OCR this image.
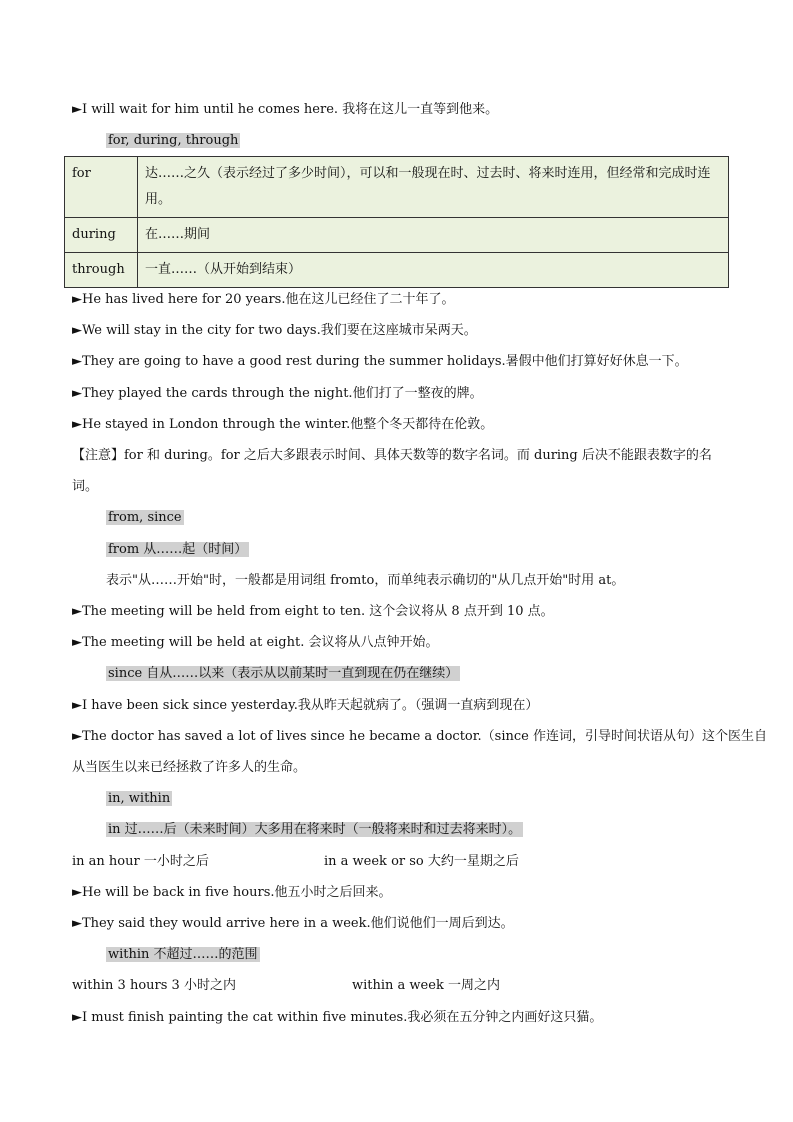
►I will wait for him until he comes here. 我将在这儿一直等到他来。
for, during, through
for	达……之久（表示经过了多少时间），可以和一般现在时、过去时、将来时连用，但经常和完成时连用。
during	在……期间
through	一直……（从开始到结束）
►He has lived here for 20 years.他在这儿已经住了二十年了。
►We will stay in the city for two days.我们要在这座城市呆两天。
►They are going to have a good rest during the summer holidays.暑假中他们打算好好休息一下。
►They played the cards through the night.他们打了一整夜的牌。
►He stayed in London through the winter.他整个冬天都待在伦敦。
【注意】for 和 during。for 之后大多跟表示时间、具体天数等的数字名词。而 during 后决不能跟表数字的名
词。
from, since
from 从……起（时间）
表示"从……开始"时，一般都是用词组 fromto，而单纯表示确切的"从几点开始"时用 at。
►The meeting will be held from eight to ten. 这个会议将从 8 点开到 10 点。
►The meeting will be held at eight. 会议将从八点钟开始。
since 自从……以来（表示从以前某时一直到现在仍在继续）
►I have been sick since yesterday.我从昨天起就病了。（强调一直病到现在）
►The doctor has saved a lot of lives since he became a doctor.（since 作连词，引导时间状语从句）这个医生自
从当医生以来已经拯救了许多人的生命。
in, within
in 过……后（未来时间）大多用在将来时（一般将来时和过去将来时）。
in an hour 一小时之后	in a week or so 大约一星期之后
►He will be back in five hours.他五小时之后回来。
►They said they would arrive here in a week.他们说他们一周后到达。
within 不超过……的范围
within 3 hours 3 小时之内	within a week 一周之内
►I must finish painting the cat within five minutes.我必须在五分钟之内画好这只猫。
